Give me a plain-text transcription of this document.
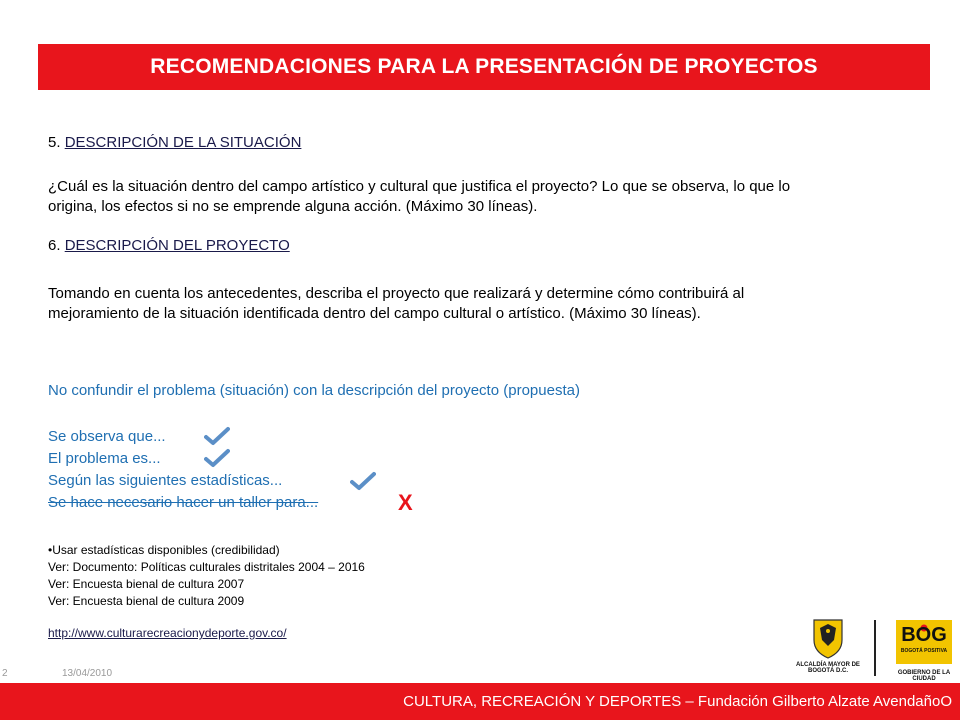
RECOMENDACIONES PARA LA PRESENTACIÓN DE PROYECTOS
5. DESCRIPCIÓN DE LA SITUACIÓN
¿Cuál es la situación dentro del campo artístico y cultural que justifica el proyecto? Lo que se observa, lo que lo origina, los efectos si no se emprende alguna acción. (Máximo 30 líneas).
6. DESCRIPCIÓN DEL PROYECTO
Tomando en cuenta los antecedentes, describa el proyecto que realizará y determine cómo contribuirá al mejoramiento de la situación identificada dentro del campo cultural o artístico. (Máximo 30 líneas).
No confundir el problema (situación) con la descripción del proyecto (propuesta)
Se observa que...
El problema es...
Según las siguientes estadísticas...
Se hace necesario hacer un taller para...	X
•Usar estadísticas disponibles (credibilidad)
Ver: Documento: Políticas culturales distritales 2004 – 2016
Ver: Encuesta bienal de cultura 2007
Ver: Encuesta bienal de cultura 2009
http://www.culturarecreacionydeporte.gov.co/
ALCALDÍA MAYOR DE BOGOTÁ D.C.
BOG
BOGOTÁ POSITIVA
GOBIERNO DE LA CIUDAD
2	13/04/2010
CULTURA, RECREACIÓN Y DEPORTES – Fundación Gilberto Alzate AvendañoO
